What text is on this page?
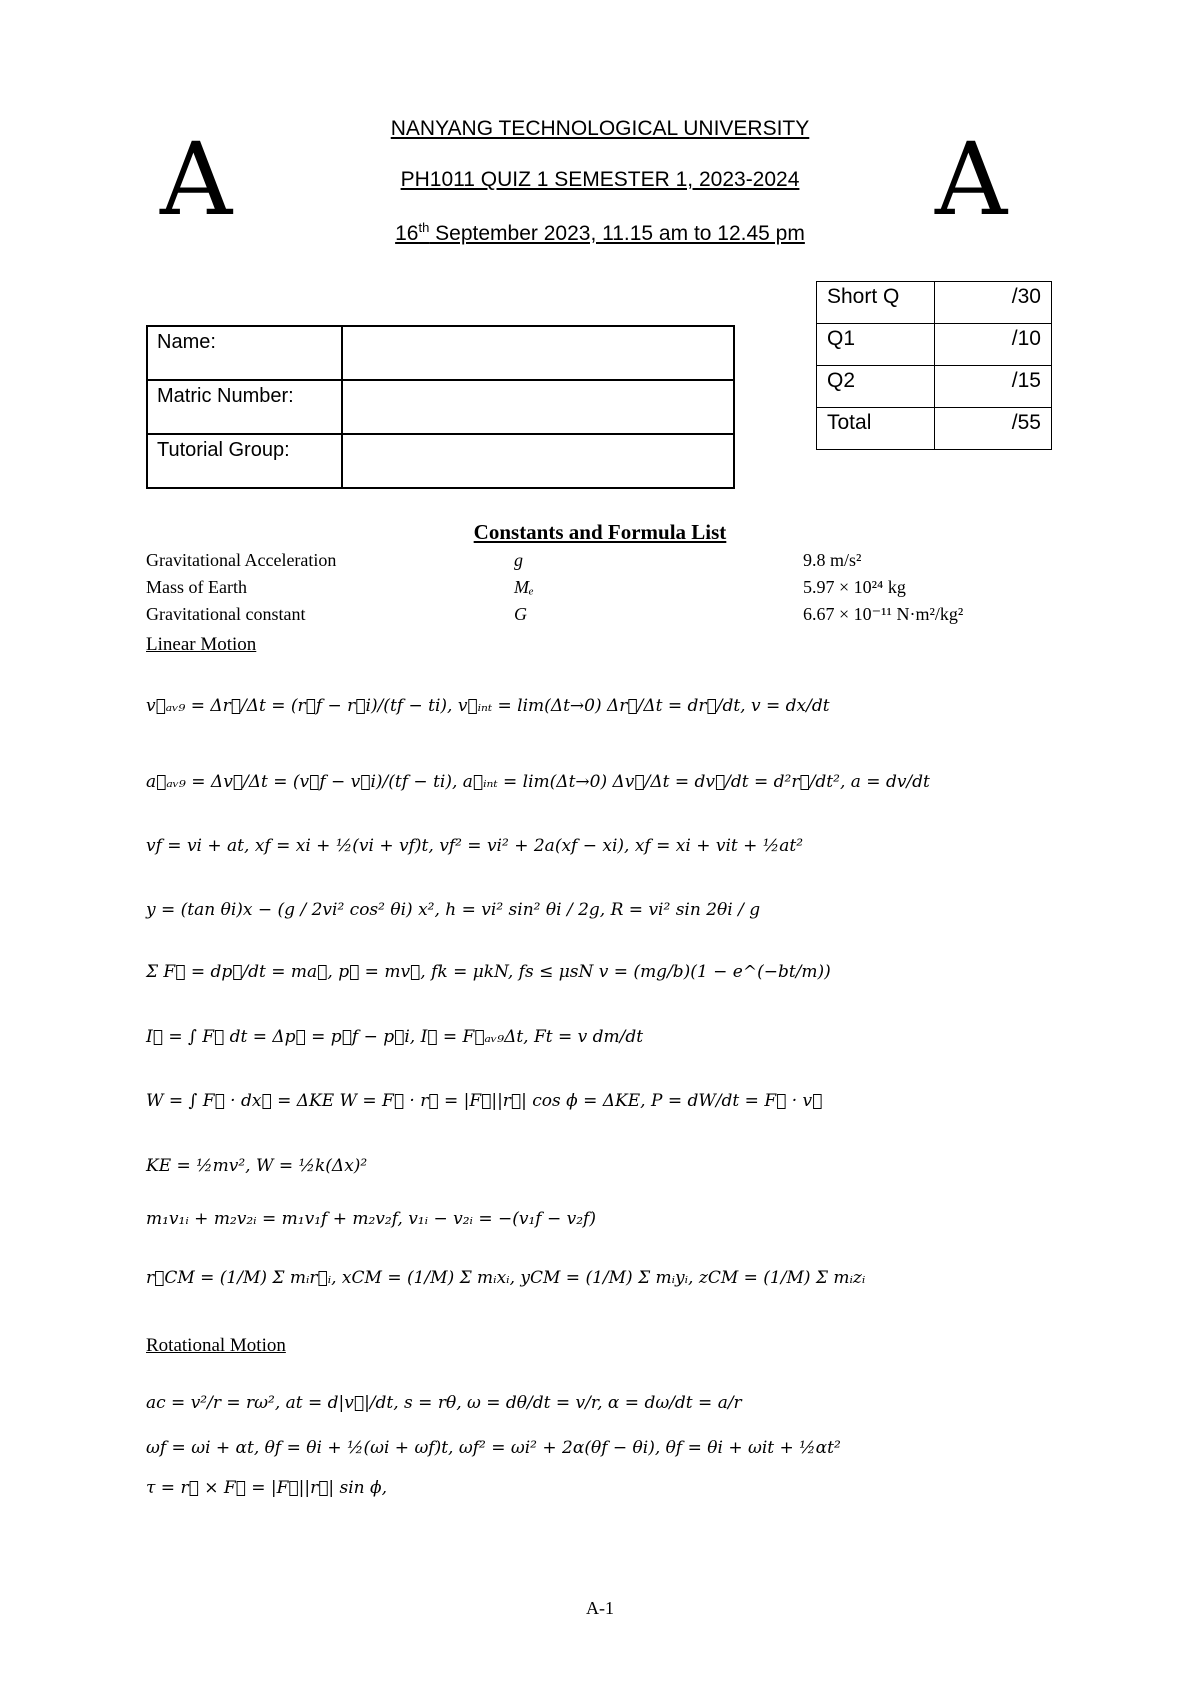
A	A
NANYANG TECHNOLOGICAL UNIVERSITY
PH1011 QUIZ 1 SEMESTER 1, 2023-2024
16th September 2023, 11.15 am to 12.45 pm
Short Q	/30
Q1	/10
Q2	/15
Total	/55
Name:	
Matric Number:	
Tutorial Group:	
Constants and Formula List
Gravitational Acceleration	g	9.8 m/s²
Mass of Earth	Mₑ	5.97 × 10²⁴ kg
Gravitational constant	G	6.67 × 10⁻¹¹ N·m²/kg²
Linear Motion
v⃗ₐᵥ₉ = Δr⃗/Δt = (r⃗f − r⃗i)/(tf − ti), v⃗ᵢₙₜ = lim(Δt→0) Δr⃗/Δt = dr⃗/dt, v = dx/dt
a⃗ₐᵥ₉ = Δv⃗/Δt = (v⃗f − v⃗i)/(tf − ti), a⃗ᵢₙₜ = lim(Δt→0) Δv⃗/Δt = dv⃗/dt = d²r⃗/dt², a = dv/dt
vf = vi + at, xf = xi + ½(vi + vf)t, vf² = vi² + 2a(xf − xi), xf = xi + vit + ½at²
y = (tan θi)x − (g / 2vi² cos² θi) x², h = vi² sin² θi / 2g, R = vi² sin 2θi / g
Σ F⃗ = dp⃗/dt = ma⃗, p⃗ = mv⃗, fk = μkN, fs ≤ μsN v = (mg/b)(1 − e^(−bt/m))
I⃗ = ∫ F⃗ dt = Δp⃗ = p⃗f − p⃗i, I⃗ = F⃗ₐᵥ₉Δt, Ft = v dm/dt
W = ∫ F⃗ · dx⃗ = ΔKE W = F⃗ · r⃗ = |F⃗||r⃗| cos ϕ = ΔKE, P = dW/dt = F⃗ · v⃗
KE = ½mv², W = ½k(Δx)²
m₁v₁ᵢ + m₂v₂ᵢ = m₁v₁f + m₂v₂f, v₁ᵢ − v₂ᵢ = −(v₁f − v₂f)
r⃗CM = (1/M) Σ mᵢr⃗ᵢ, xCM = (1/M) Σ mᵢxᵢ, yCM = (1/M) Σ mᵢyᵢ, zCM = (1/M) Σ mᵢzᵢ
Rotational Motion
ac = v²/r = rω², at = d|v⃗|/dt, s = rθ, ω = dθ/dt = v/r, α = dω/dt = a/r
ωf = ωi + αt, θf = θi + ½(ωi + ωf)t, ωf² = ωi² + 2α(θf − θi), θf = θi + ωit + ½αt²
τ = r⃗ × F⃗ = |F⃗||r⃗| sin ϕ,
A-1
